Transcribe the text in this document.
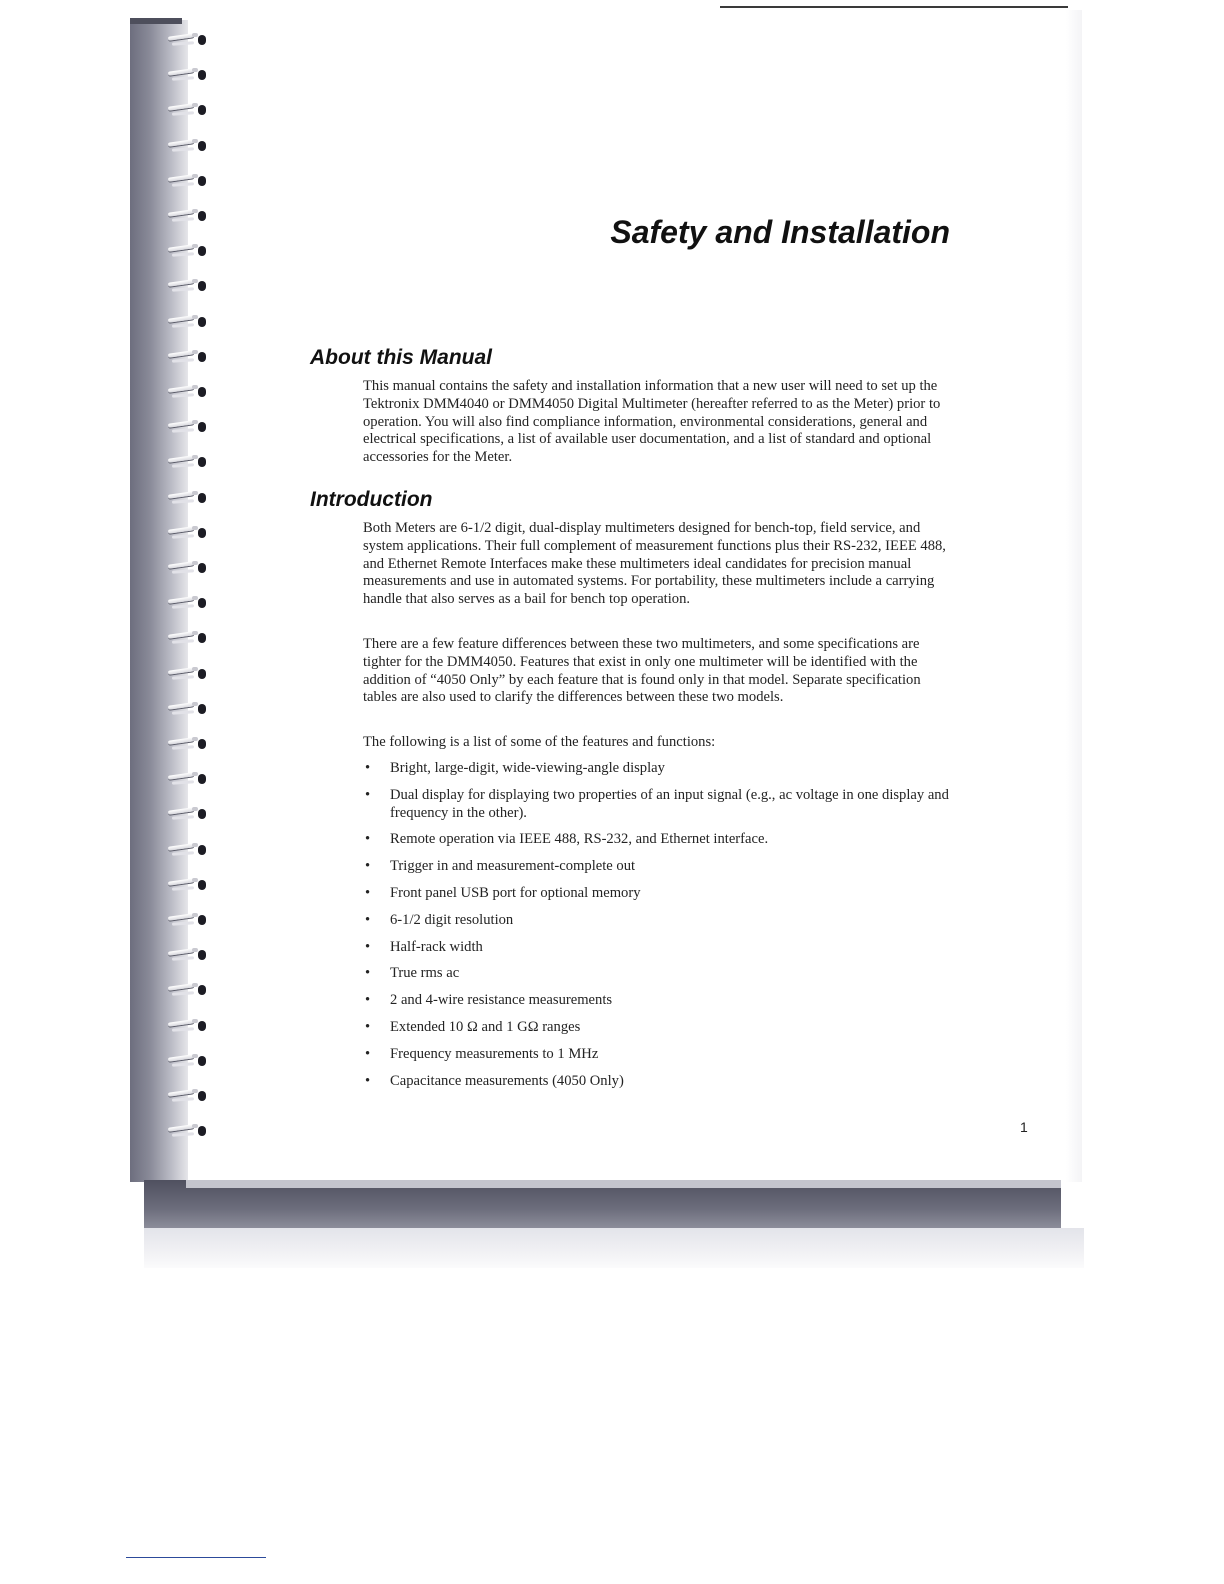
Safety and Installation
About this Manual

This manual contains the safety and installation information that a new user will need to set up the Tektronix DMM4040 or DMM4050 Digital Multimeter (hereafter referred to as the Meter) prior to operation. You will also find compliance information, environmental considerations, general and electrical specifications, a list of available user documentation, and a list of standard and optional accessories for the Meter.

Introduction

Both Meters are 6-1/2 digit, dual-display multimeters designed for bench-top, field service, and system applications. Their full complement of measurement functions plus their RS-232, IEEE 488, and Ethernet Remote Interfaces make these multimeters ideal candidates for precision manual measurements and use in automated systems. For portability, these multimeters include a carrying handle that also serves as a bail for bench top operation.

There are a few feature differences between these two multimeters, and some specifications are tighter for the DMM4050. Features that exist in only one multimeter will be identified with the addition of “4050 Only” by each feature that is found only in that model. Separate specification tables are also used to clarify the differences between these two models.

The following is a list of some of the features and functions:

• Bright, large-digit, wide-viewing-angle display
• Dual display for displaying two properties of an input signal (e.g., ac voltage in one display and frequency in the other).
• Remote operation via IEEE 488, RS-232, and Ethernet interface.
• Trigger in and measurement-complete out
• Front panel USB port for optional memory
• 6-1/2 digit resolution
• Half-rack width
• True rms ac
• 2 and 4-wire resistance measurements
• Extended 10 Ω and 1 GΩ ranges
• Frequency measurements to 1 MHz
• Capacitance measurements (4050 Only)
1
